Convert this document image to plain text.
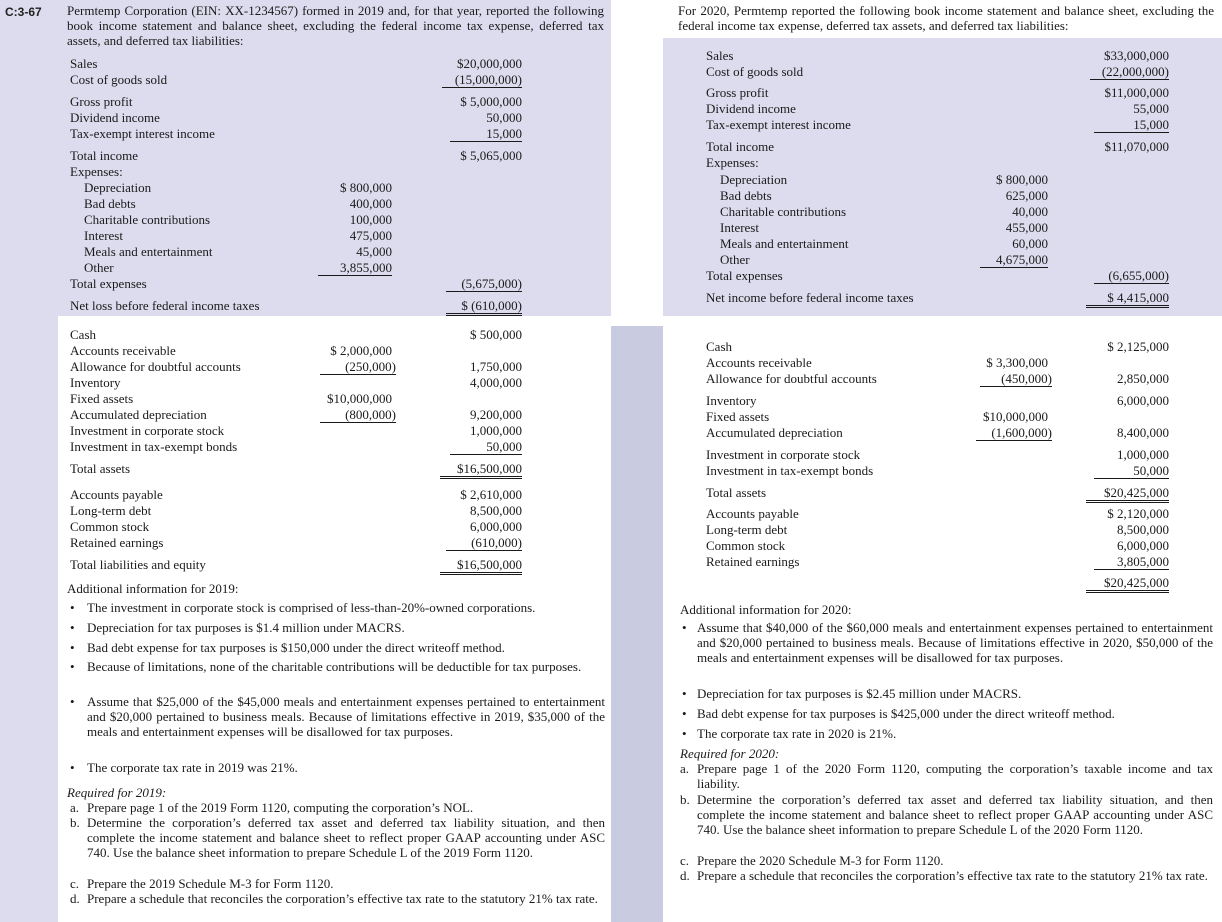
C:3-67 Permtemp Corporation (EIN: XX-1234567) formed in 2019 and, for that year, reported the following book income statement and balance sheet, excluding the federal income tax expense, deferred tax assets, and deferred tax liabilities:
Sales	$20,000,000
Cost of goods sold	(15,000,000)
Gross profit	$ 5,000,000
Dividend income	50,000
Tax-exempt interest income	15,000
Total income	$ 5,065,000
Expenses:
Depreciation	$ 800,000
Bad debts	400,000
Charitable contributions	100,000
Interest	475,000
Meals and entertainment	45,000
Other	3,855,000
Total expenses	(5,675,000)
Net loss before federal income taxes	$ (610,000)
Cash	$ 500,000
Accounts receivable	$ 2,000,000
Allowance for doubtful accounts	(250,000)	1,750,000
Inventory	4,000,000
Fixed assets	$10,000,000
Accumulated depreciation	(800,000)	9,200,000
Investment in corporate stock	1,000,000
Investment in tax-exempt bonds	50,000
Total assets	$16,500,000
Accounts payable	$ 2,610,000
Long-term debt	8,500,000
Common stock	6,000,000
Retained earnings	(610,000)
Total liabilities and equity	$16,500,000
Additional information for 2019:
• The investment in corporate stock is comprised of less-than-20%-owned corporations.
• Depreciation for tax purposes is $1.4 million under MACRS.
• Bad debt expense for tax purposes is $150,000 under the direct writeoff method.
• Because of limitations, none of the charitable contributions will be deductible for tax purposes.
• Assume that $25,000 of the $45,000 meals and entertainment expenses pertained to entertainment and $20,000 pertained to business meals. Because of limitations effective in 2019, $35,000 of the meals and entertainment expenses will be disallowed for tax purposes.
• The corporate tax rate in 2019 was 21%.
Required for 2019:
a. Prepare page 1 of the 2019 Form 1120, computing the corporation’s NOL.
b. Determine the corporation’s deferred tax asset and deferred tax liability situation, and then complete the income statement and balance sheet to reflect proper GAAP accounting under ASC 740. Use the balance sheet information to prepare Schedule L of the 2019 Form 1120.
c. Prepare the 2019 Schedule M-3 for Form 1120.
d. Prepare a schedule that reconciles the corporation’s effective tax rate to the statutory 21% tax rate.
For 2020, Permtemp reported the following book income statement and balance sheet, excluding the federal income tax expense, deferred tax assets, and deferred tax liabilities:
Sales	$33,000,000
Cost of goods sold	(22,000,000)
Gross profit	$11,000,000
Dividend income	55,000
Tax-exempt interest income	15,000
Total income	$11,070,000
Expenses:
Depreciation	$ 800,000
Bad debts	625,000
Charitable contributions	40,000
Interest	455,000
Meals and entertainment	60,000
Other	4,675,000
Total expenses	(6,655,000)
Net income before federal income taxes	$ 4,415,000
Cash	$ 2,125,000
Accounts receivable	$ 3,300,000
Allowance for doubtful accounts	(450,000)	2,850,000
Inventory	6,000,000
Fixed assets	$10,000,000
Accumulated depreciation	(1,600,000)	8,400,000
Investment in corporate stock	1,000,000
Investment in tax-exempt bonds	50,000
Total assets	$20,425,000
Accounts payable	$ 2,120,000
Long-term debt	8,500,000
Common stock	6,000,000
Retained earnings	3,805,000
$20,425,000
Additional information for 2020:
• Assume that $40,000 of the $60,000 meals and entertainment expenses pertained to entertainment and $20,000 pertained to business meals. Because of limitations effective in 2020, $50,000 of the meals and entertainment expenses will be disallowed for tax purposes.
• Depreciation for tax purposes is $2.45 million under MACRS.
• Bad debt expense for tax purposes is $425,000 under the direct writeoff method.
• The corporate tax rate in 2020 is 21%.
Required for 2020:
a. Prepare page 1 of the 2020 Form 1120, computing the corporation’s taxable income and tax liability.
b. Determine the corporation’s deferred tax asset and deferred tax liability situation, and then complete the income statement and balance sheet to reflect proper GAAP accounting under ASC 740. Use the balance sheet information to prepare Schedule L of the 2020 Form 1120.
c. Prepare the 2020 Schedule M-3 for Form 1120.
d. Prepare a schedule that reconciles the corporation’s effective tax rate to the statutory 21% tax rate.
